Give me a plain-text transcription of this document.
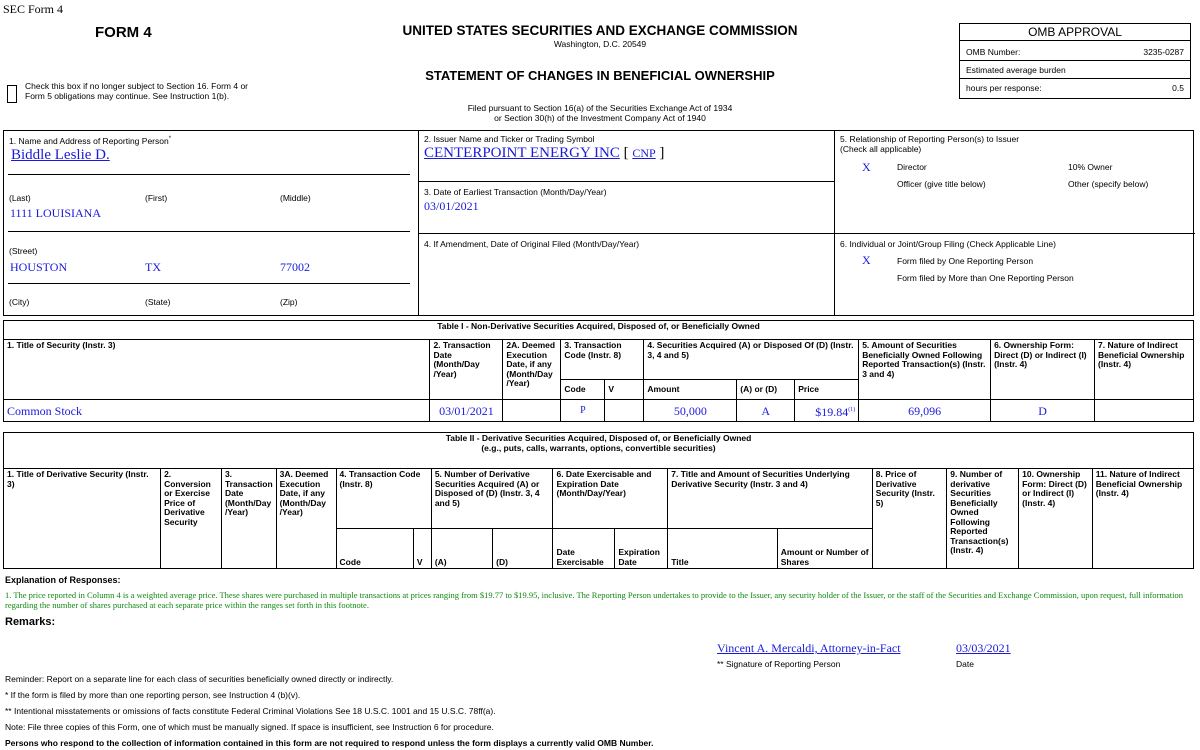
SEC Form 4
FORM 4	UNITED STATES SECURITIES AND EXCHANGE COMMISSION
Washington, D.C. 20549
STATEMENT OF CHANGES IN BENEFICIAL OWNERSHIP
Filed pursuant to Section 16(a) of the Securities Exchange Act of 1934
or Section 30(h) of the Investment Company Act of 1940
Check this box if no longer subject to Section 16. Form 4 or Form 5 obligations may continue. See Instruction 1(b).
OMB APPROVAL
OMB Number:	3235-0287
Estimated average burden
hours per response:	0.5
1. Name and Address of Reporting Person*
Biddle Leslie D.
(Last)	(First)	(Middle)
1111 LOUISIANA
(Street)
HOUSTON	TX	77002
(City)	(State)	(Zip)
2. Issuer Name and Ticker or Trading Symbol
CENTERPOINT ENERGY INC [ CNP ]
3. Date of Earliest Transaction (Month/Day/Year)
03/01/2021
4. If Amendment, Date of Original Filed (Month/Day/Year)
5. Relationship of Reporting Person(s) to Issuer
(Check all applicable)
X	Director	10% Owner
Officer (give title below)	Other (specify below)
6. Individual or Joint/Group Filing (Check Applicable Line)
X	Form filed by One Reporting Person
Form filed by More than One Reporting Person
Table I - Non-Derivative Securities Acquired, Disposed of, or Beneficially Owned										
1. Title of Security (Instr. 3)	2. Transaction Date (Month/Day /Year)	2A. Deemed Execution Date, if any (Month/Day /Year)	3. Transaction Code (Instr. 8)		4. Securities Acquired (A) or Disposed Of (D) (Instr. 3, 4 and 5)			5. Amount of Securities Beneficially Owned Following Reported Transaction(s) (Instr. 3 and 4)	6. Ownership Form: Direct (D) or Indirect (I) (Instr. 4)	7. Nature of Indirect Beneficial Ownership (Instr. 4)
			Code	V	Amount	(A) or (D)	Price			
Common Stock	03/01/2021		P		50,000	A	$19.84$^{(1)}$	69,096	D	
Table II - Derivative Securities Acquired, Disposed of, or Beneficially Owned
(e.g., puts, calls, warrants, options, convertible securities)															

1. Title of Derivative Security (Instr. 3)	2. Conversion or Exercise Price of Derivative Security	3. Transaction Date (Month/Day /Year)	3A. Deemed Execution Date, if any (Month/Day /Year)	4. Transaction Code (Instr. 8)		5. Number of Derivative Securities Acquired (A) or Disposed of (D) (Instr. 3, 4 and 5)		6. Date Exercisable and Expiration Date (Month/Day/Year)		7. Title and Amount of Securities Underlying Derivative Security (Instr. 3 and 4)		8. Price of Derivative Security (Instr. 5)	9. Number of derivative Securities Beneficially Owned Following Reported Transaction(s) (Instr. 4)	10. Ownership Form: Direct (D) or Indirect (I) (Instr. 4)	11. Nature of Indirect Beneficial Ownership (Instr. 4)
				Code	V	(A)	(D)	Date Exercisable	Expiration Date	Title	Amount or Number of Shares				
Explanation of Responses:
1. The price reported in Column 4 is a weighted average price. These shares were purchased in multiple transactions at prices ranging from $19.77 to $19.95, inclusive. The Reporting Person undertakes to provide to the Issuer, any security holder of the Issuer, or the staff of the Securities and Exchange Commission, upon request, full information regarding the number of shares purchased at each separate price within the ranges set forth in this footnote.
Remarks:
Vincent A. Mercaldi, Attorney-in-Fact
** Signature of Reporting Person
03/03/2021
Date
Reminder: Report on a separate line for each class of securities beneficially owned directly or indirectly.
* If the form is filed by more than one reporting person, see Instruction 4 (b)(v).
** Intentional misstatements or omissions of facts constitute Federal Criminal Violations See 18 U.S.C. 1001 and 15 U.S.C. 78ff(a).
Note: File three copies of this Form, one of which must be manually signed. If space is insufficient, see Instruction 6 for procedure.
Persons who respond to the collection of information contained in this form are not required to respond unless the form displays a currently valid OMB Number.
